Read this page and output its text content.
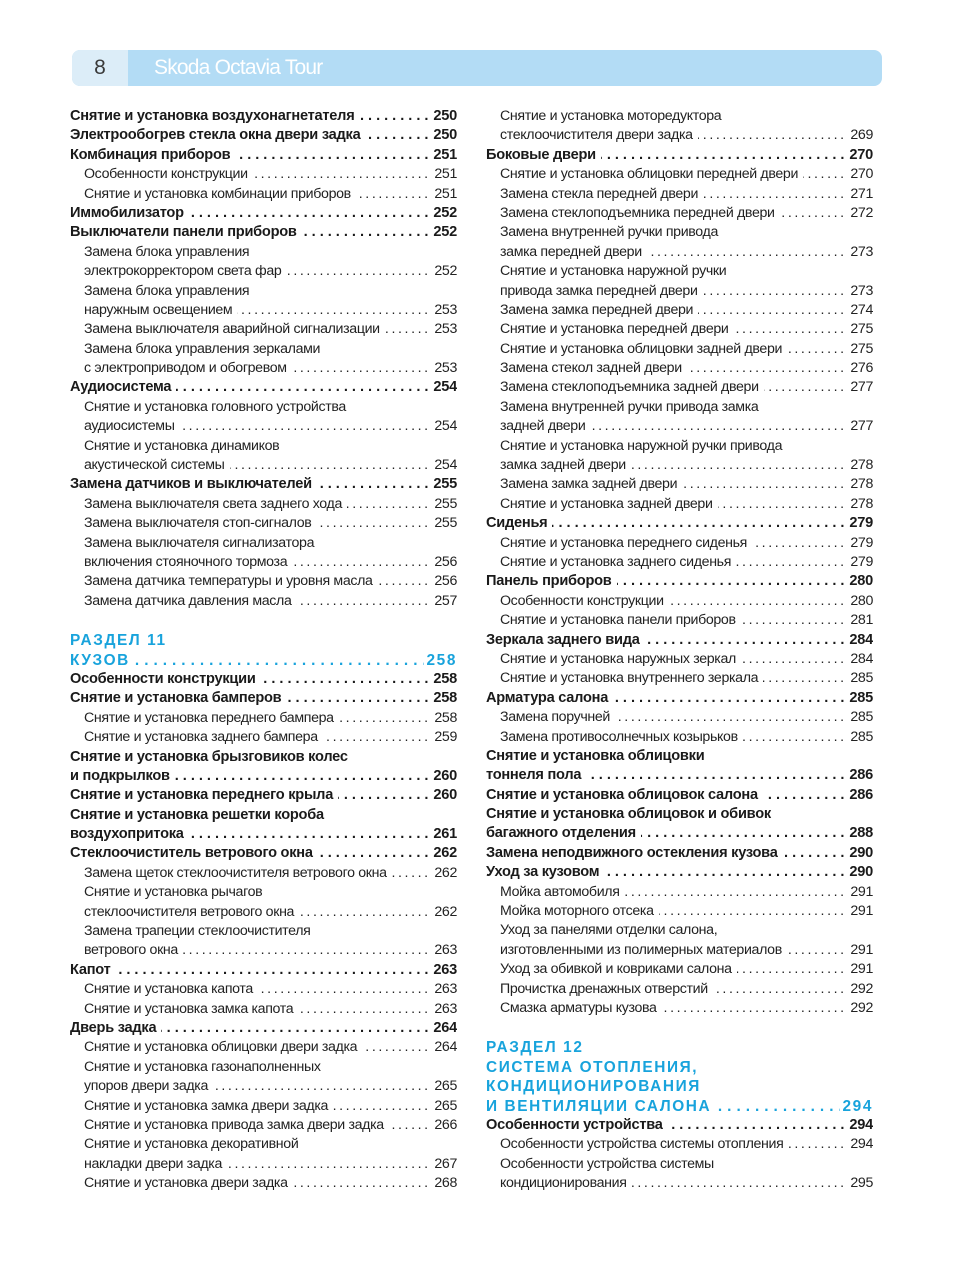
8	Skoda Octavia Tour
.....
Снятие и установка воздухонагнетателя	250
.....
Электрообогрев стекла окна двери задка	250
.....
Комбинация приборов	251
.....
Особенности конструкции	251
.....
Снятие и установка комбинации приборов	251
.....
Иммобилизатор	252
.....
Выключатели панели приборов	252
Замена блока управления
.....
электрокорректором света фар	252
Замена блока управления
.....
наружным освещением	253
.....
Замена выключателя аварийной сигнализации	253
Замена блока управления зеркалами
.....
с электроприводом и обогревом	253
.....
Аудиосистема	254
Снятие и установка головного устройства
.....
аудиосистемы	254
Снятие и установка динамиков
.....
акустической системы	254
.....
Замена датчиков и выключателей	255
.....
Замена выключателя света заднего хода	255
.....
Замена выключателя стоп-сигналов	255
Замена выключателя сигнализатора
.....
включения стояночного тормоза	256
.....
Замена датчика температуры и уровня масла	256
.....
Замена датчика давления масла	257
РАЗДЕЛ 11
.....
КУЗОВ	258
.....
Особенности конструкции	258
.....
Снятие и установка бамперов	258
.....
Снятие и установка переднего бампера	258
.....
Снятие и установка заднего бампера	259
Снятие и установка брызговиков колес
.....
и подкрылков	260
.....
Снятие и установка переднего крыла	260
Снятие и установка решетки короба
.....
воздухопритока	261
.....
Стеклоочиститель ветрового окна	262
.....
Замена щеток стеклоочистителя ветрового окна	262
Снятие и установка рычагов
.....
стеклоочистителя ветрового окна	262
Замена трапеции стеклоочистителя
.....
ветрового окна	263
.....
Капот	263
.....
Снятие и установка капота	263
.....
Снятие и установка замка капота	263
.....
Дверь задка	264
.....
Снятие и установка облицовки двери задка	264
Снятие и установка газонаполненных
.....
упоров двери задка	265
.....
Снятие и установка замка двери задка	265
.....
Снятие и установка привода замка двери задка	266
Снятие и установка декоративной
.....
накладки двери задка	267
.....
Снятие и установка двери задка	268
Снятие и установка моторедуктора
.....
стеклоочистителя двери задка	269
.....
Боковые двери	270
.....
Снятие и установка облицовки передней двери	270
.....
Замена стекла передней двери	271
.....
Замена стеклоподъемника передней двери	272
Замена внутренней ручки привода
.....
замка передней двери	273
Снятие и установка наружной ручки
.....
привода замка передней двери	273
.....
Замена замка передней двери	274
.....
Снятие и установка передней двери	275
.....
Снятие и установка облицовки задней двери	275
.....
Замена стекол задней двери	276
.....
Замена стеклоподъемника задней двери	277
Замена внутренней ручки привода замка
.....
задней двери	277
Снятие и установка наружной ручки привода
.....
замка задней двери	278
.....
Замена замка задней двери	278
.....
Снятие и установка задней двери	278
.....
Сиденья	279
.....
Снятие и установка переднего сиденья	279
.....
Снятие и установка заднего сиденья	279
.....
Панель приборов	280
.....
Особенности конструкции	280
.....
Снятие и установка панели приборов	281
.....
Зеркала заднего вида	284
.....
Снятие и установка наружных зеркал	284
.....
Снятие и установка внутреннего зеркала	285
.....
Арматура салона	285
.....
Замена поручней	285
.....
Замена противосолнечных козырьков	285
Снятие и установка облицовки
.....
тоннеля пола	286
.....
Снятие и установка облицовок салона	286
Снятие и установка облицовок и обивок
.....
багажного отделения	288
.....
Замена неподвижного остекления кузова	290
.....
Уход за кузовом	290
.....
Мойка автомобиля	291
.....
Мойка моторного отсека	291
Уход за панелями отделки салона,
.....
изготовленными из полимерных материалов	291
.....
Уход за обивкой и ковриками салона	291
.....
Прочистка дренажных отверстий	292
.....
Смазка арматуры кузова	292
РАЗДЕЛ 12
СИСТЕМА ОТОПЛЕНИЯ,
КОНДИЦИОНИРОВАНИЯ
.....
И ВЕНТИЛЯЦИИ САЛОНА	294
.....
Особенности устройства	294
.....
Особенности устройства системы отопления	294
Особенности устройства системы
.....
кондиционирования	295
